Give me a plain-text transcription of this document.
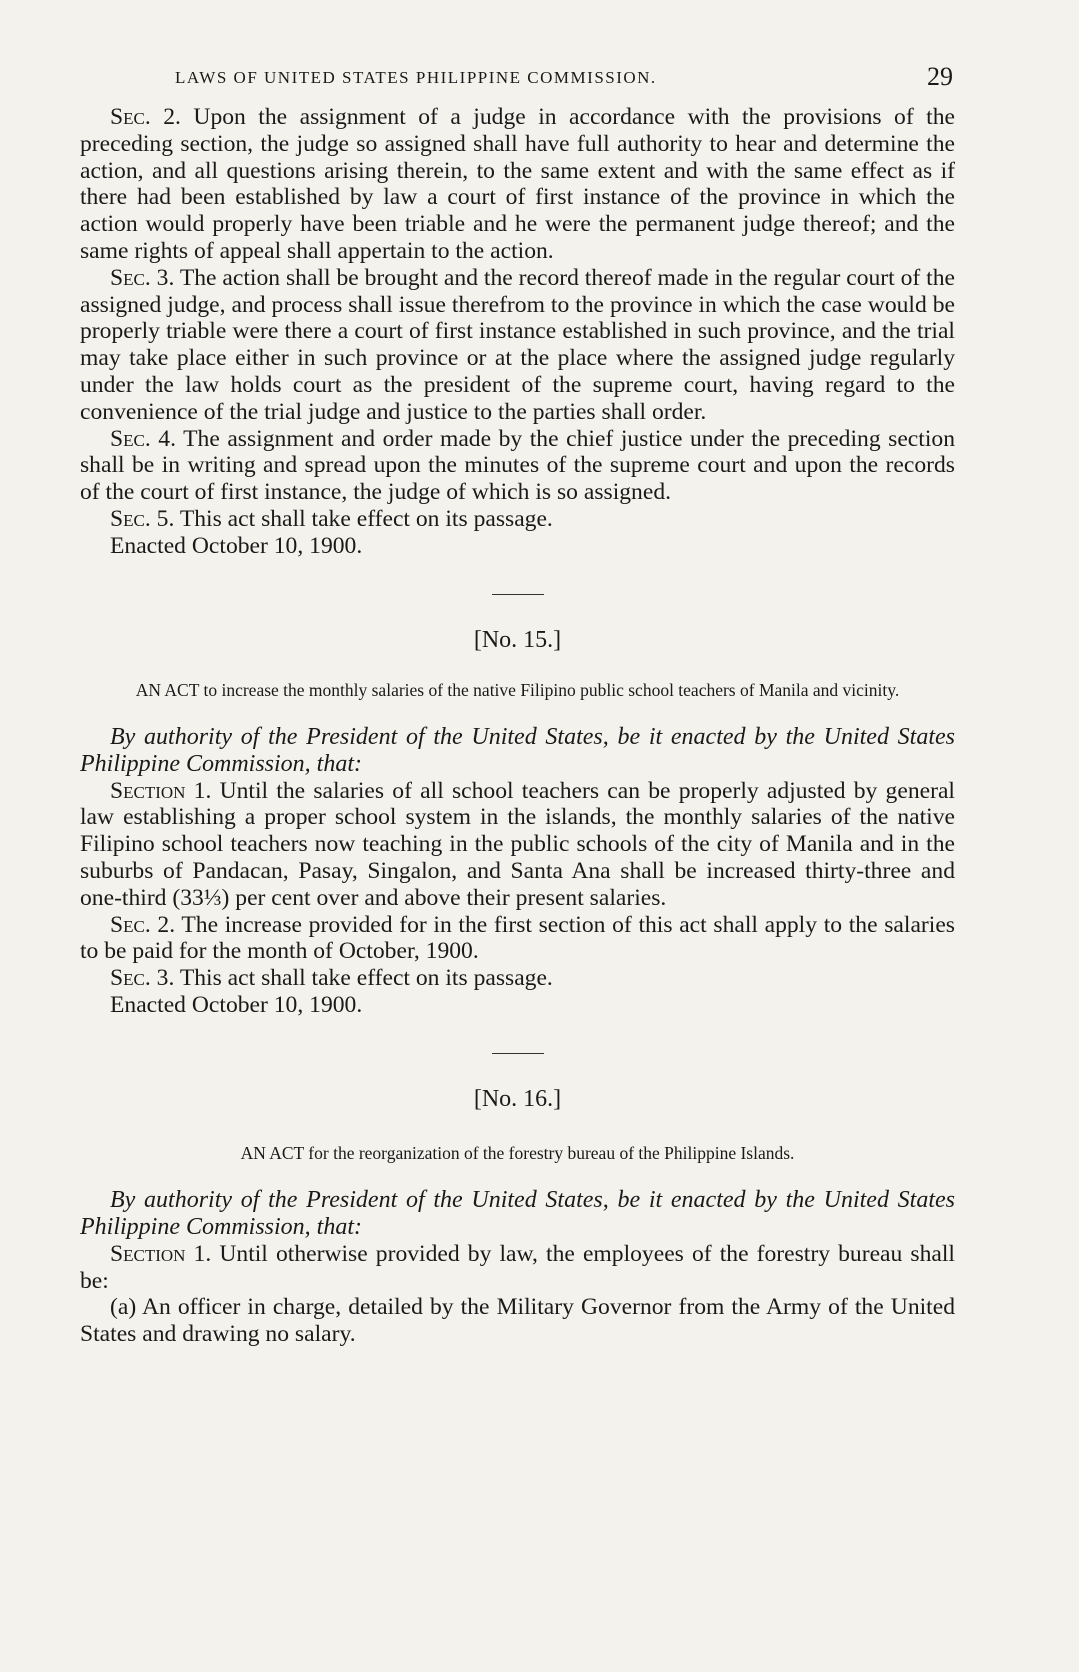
LAWS OF UNITED STATES PHILIPPINE COMMISSION.	29

Sec. 2. Upon the assignment of a judge in accordance with the provisions of the preceding section, the judge so assigned shall have full authority to hear and determine the action, and all questions arising therein, to the same extent and with the same effect as if there had been established by law a court of first instance of the province in which the action would properly have been triable and he were the permanent judge thereof; and the same rights of appeal shall appertain to the action.

Sec. 3. The action shall be brought and the record thereof made in the regular court of the assigned judge, and process shall issue therefrom to the province in which the case would be properly triable were there a court of first instance established in such province, and the trial may take place either in such province or at the place where the assigned judge regularly under the law holds court as the president of the supreme court, having regard to the convenience of the trial judge and justice to the parties shall order.

Sec. 4. The assignment and order made by the chief justice under the preceding section shall be in writing and spread upon the minutes of the supreme court and upon the records of the court of first instance, the judge of which is so assigned.

Sec. 5. This act shall take effect on its passage.

Enacted October 10, 1900.

[No. 15.]
AN ACT to increase the monthly salaries of the native Filipino public school teachers of Manila and vicinity.
By authority of the President of the United States, be it enacted by the United States Philippine Commission, that:

Section 1. Until the salaries of all school teachers can be properly adjusted by general law establishing a proper school system in the islands, the monthly salaries of the native Filipino school teachers now teaching in the public schools of the city of Manila and in the suburbs of Pandacan, Pasay, Singalon, and Santa Ana shall be increased thirty-three and one-third (33⅓) per cent over and above their present salaries.

Sec. 2. The increase provided for in the first section of this act shall apply to the salaries to be paid for the month of October, 1900.

Sec. 3. This act shall take effect on its passage.

Enacted October 10, 1900.

[No. 16.]
AN ACT for the reorganization of the forestry bureau of the Philippine Islands.
By authority of the President of the United States, be it enacted by the United States Philippine Commission, that:

Section 1. Until otherwise provided by law, the employees of the forestry bureau shall be:

(a) An officer in charge, detailed by the Military Governor from the Army of the United States and drawing no salary.
